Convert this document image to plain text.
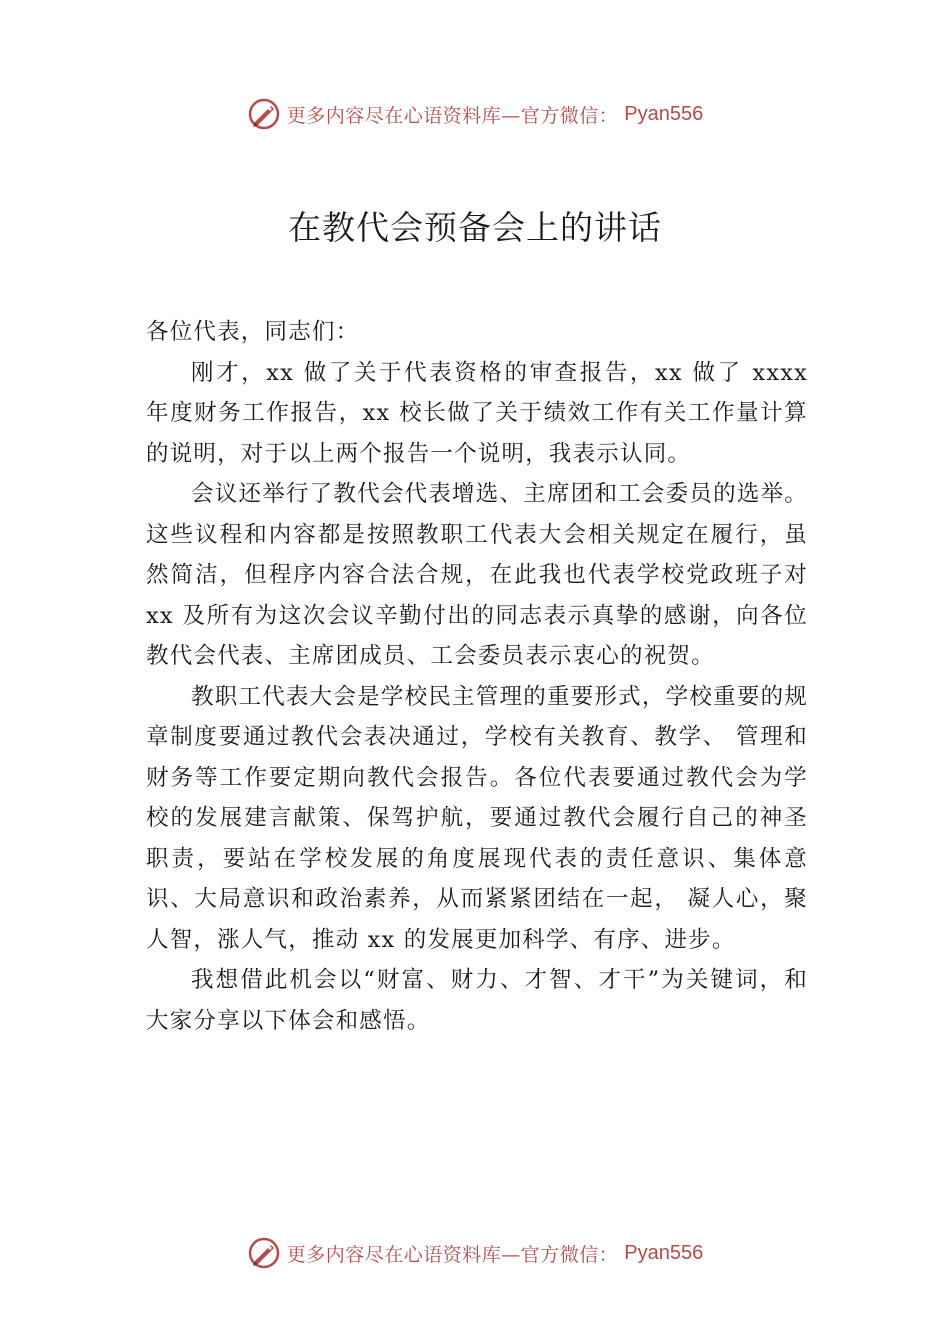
更多内容尽在心语资料库—官方微信： Pyan556
在教代会预备会上的讲话

各位代表，同志们：

刚才，xx 做了关于代表资格的审查报告，xx 做了 xxxx 年度财务工作报告，xx 校长做了关于绩效工作有关工作量计算的说明，对于以上两个报告一个说明，我表示认同。

会议还举行了教代会代表增选、主席团和工会委员的选举。这些议程和内容都是按照教职工代表大会相关规定在履行，虽然简洁，但程序内容合法合规，在此我也代表学校党政班子对 xx 及所有为这次会议辛勤付出的同志表示真挚的感谢，向各位教代会代表、主席团成员、工会委员表示衷心的祝贺。

教职工代表大会是学校民主管理的重要形式，学校重要的规章制度要通过教代会表决通过，学校有关教育、教学、 管理和财务等工作要定期向教代会报告。各位代表要通过教代会为学校的发展建言献策、保驾护航，要通过教代会履行自己的神圣职责，要站在学校发展的角度展现代表的责任意识、集体意识、大局意识和政治素养，从而紧紧团结在一起， 凝人心，聚人智，涨人气，推动 xx 的发展更加科学、有序、进步。

我想借此机会以“财富、财力、才智、才干”为关键词，和大家分享以下体会和感悟。

更多内容尽在心语资料库—官方微信： Pyan556
